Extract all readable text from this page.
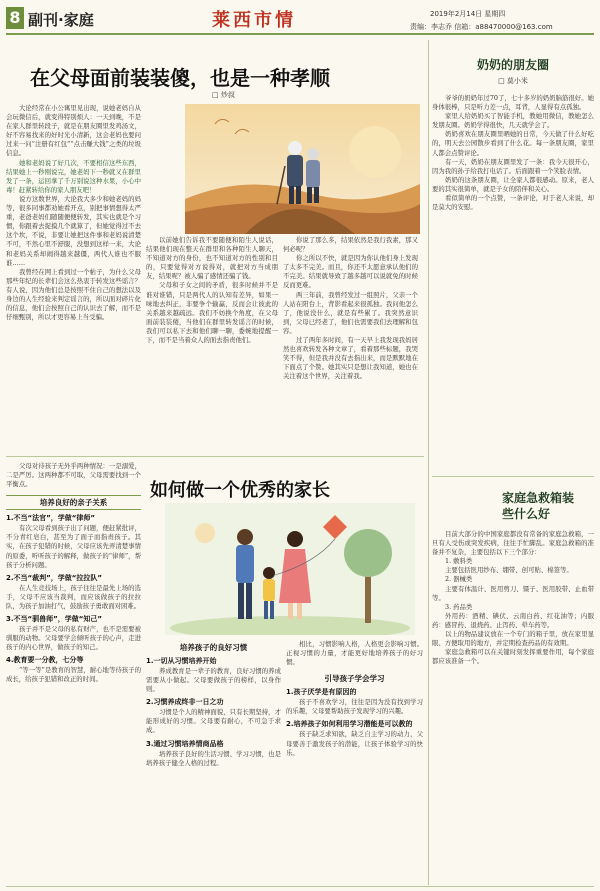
8 副刊·家庭	莱西市情	2019年2月14日 星期四
责编：李志乔 信箱：a88470000@163.com
在父母面前装装傻，也是一种孝顺
□ 炒叔

大论经常在小公寓里见出现，说她老妈自从会玩微信后，就变得特别烦人：一天到晚，不是在家人群里转段子，就是在朋友圈里发鸡汤文，好不容易找来的好时光小清新，这会老妈也要问过来一问“注册有红包”“点击赚大钱”之类的垃圾信息。

她和老妈说了好几次，不要相信这些东西，结果她上一秒刚说完，她老妈下一秒就又在群里发了一条，运回拿了千万别说这种水果，小心中毒！赶紧转给你的家人朋友吧！

说方这数世界，大论我大多少和她老妈的妈等，很多同事都劝她看开点，别把事情想得太严重，老爸老妈们随随便便转发，其实也就是个习惯，你跟着去捉摸几个就算了，但她觉得过不去这个坎，不说，非要让她把这件事和老妈说清楚不可，不然心里不舒服，没想到这样一来，大论和老妈关系却闹得越来越僵，两代人谁也不服谁……

我曾经在网上看到过一个帖子，为什么父母那些年纪的长辈们会这么热衷于转发这些谣言？有人说，因为他们总是按照不住自己的想法以及身边的人生经验来判定谣言的，所以面对碎片化的信息，他们会按照自己的认识去了解，而不是仔细甄别，所以才更容易上当受骗。

以前她们告诉我不要随便和陌生人说话，结果他们现在整天在群里和各种陌生人聊天，不知道对方的身份，也不知道对方的性别和目的，只要觉得对方说得对，就把对方当成朋友，结果呢？被人骗了感情还骗了钱。

父母和子女之间的矛盾，很多时候并不是谁对谁错，只是两代人的认知有差异，如果一味地去纠正，非要争个输赢，反而会让彼此的关系越来越疏远。我们不妨换个角度，在父母面前装装傻，当他们在群里转发谣言的时候，我们可以私下去和他们聊一聊，委婉地提醒一下，而不是当着众人的面去指责他们。

你说了那么多，结果依然是我行我素，那又何必呢？

你之所以不快，就是因为你认他们身上发现了太多不完美。而且，你还不太愿意承认他们的不完美。结果就导致了越多越可以说就免的时候反而更难。

两三年前，我曾经发过一组照片，父亲一个人站在阳台上，背影看起来很孤独。我问他怎么了，他说没什么，就是有些累了。我突然意识到，父母已经老了，他们也需要我们去理解和包容。

过了两年多时间，有一天早上我发现我妈居然也喜欢转发各种文章了，看着那些标题，我哭笑不得，但是我并没有去指出来，而是默默地在下面点了个赞。她其实只是想让我知道，她也在关注着这个世界，关注着我。

奶奶的朋友圈
□ 莫小米

爷爷的奶奶年过70了，七十多岁的奶奶脑筋很好。她身体很棒，只是听力差一点，耳背，人显得有点孤独。

家里人给奶奶买了智能手机，教她用微信，教她怎么发朋友圈。奶奶学得很快，几天就学会了。

奶奶喜欢在朋友圈里晒她的日常，今天做了什么好吃的，明天去公园散步看到了什么花。每一条朋友圈，家里人都会点赞评论。

有一天，奶奶在朋友圈里发了一条：我今天很开心，因为我的孙子给我打电话了。后面跟着一个笑脸表情。

奶奶的这条朋友圈，让全家人都很感动。原来，老人要的其实很简单，就是子女的陪伴和关心。

看似简单的一个点赞，一条评论，对于老人来说，却是莫大的安慰。

父母对待孩子无外乎两种情况：一是溺爱，二是严厉。这两种都不可取，父母需要找到一个平衡点。

培养良好的亲子关系
1.不当“法官”，学做“律师”

有次父母看到孩子出了问题，便赶紧批评，不分青红皂白，甚至为了面子而指责孩子。其实，在孩子犯错的时候，父母应该先弄清楚事情的原委，听听孩子的解释，做孩子的“律师”，帮孩子分析问题。

2.不当“裁判”，学做“拉拉队”

在人生竞技场上，孩子往往是最先上场的选手，父母不应该当裁判，而应该做孩子的拉拉队，为孩子加油打气，鼓励孩子勇敢面对困难。

3.不当“驯兽师”，学做“知己”

孩子并不是父母的私有财产，也不是需要被驯服的动物。父母要学会倾听孩子的心声，走进孩子的内心世界，做孩子的知己。

4.教育要一分教，七分等

“等一等”是教育的智慧，耐心地等待孩子的成长，给孩子犯错和改正的时间。

如何做一个优秀的家长
培养孩子的良好习惯
1.一切从习惯培养开始

养成教育是一辈子的教育，良好习惯的养成需要从小做起。父母要做孩子的榜样，以身作则。

2.习惯养成终非一日之功

习惯是个人的精神面貌，只有长期坚持，才能形成好的习惯。父母要有耐心，不可急于求成。

3.通过习惯培养情商品格

培养孩子良好的生活习惯、学习习惯，也是培养孩子健全人格的过程。

相比，习惯影响人格，人格更会影响习惯。正视习惯的力量，才能更好地培养孩子的好习惯。

引导孩子学会学习
1.孩子厌学是有原因的

孩子不喜欢学习，往往是因为没有找到学习的乐趣，父母要帮助孩子发现学习的兴趣。

2.培养孩子如何利用学习潜能是可以教的

孩子缺乏求知欲，缺乏自主学习的动力，父母要善于激发孩子的潜能，让孩子体验学习的快乐。

家庭急救箱装些什么好

目前大部分的中国家庭都没有常备的家庭急救箱，一旦有人受伤或突发疾病，往往手忙脚乱。家庭急救箱的准备并不复杂，主要包括以下三个部分：

1. 敷料类

主要包括医用纱布、绷带、创可贴、棉签等。

2. 器械类

主要有体温计、医用剪刀、镊子、医用胶带、止血带等。

3. 药品类

外用药：酒精、碘伏、云南白药、红花油等；内服药：感冒药、退烧药、止泻药、晕车药等。

以上的物品建议放在一个专门的箱子里，放在家里显眼、方便取用的地方，并定期检查药品的有效期。

家庭急救箱可以在关键时刻发挥重要作用，每个家庭都应该准备一个。
